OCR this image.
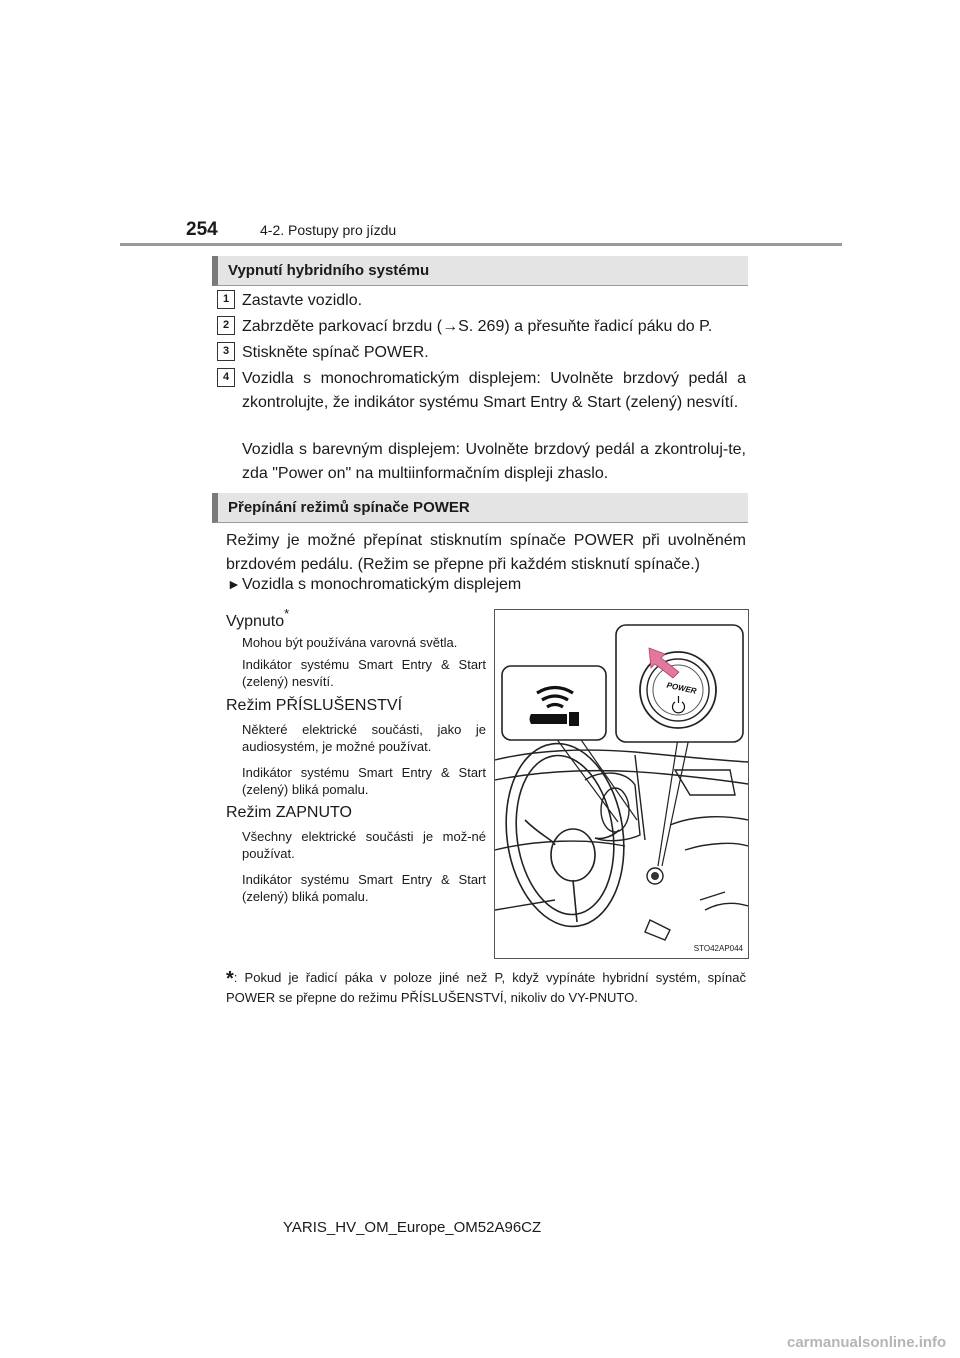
254	4-2. Postupy pro jízdu
Vypnutí hybridního systému
1 Zastavte vozidlo.
2 Zabrzděte parkovací brzdu (→S. 269) a přesuňte řadicí páku do P.
3 Stiskněte spínač POWER.
4 Vozidla s monochromatickým displejem: Uvolněte brzdový pedál a zkontrolujte, že indikátor systému Smart Entry & Start (zelený) nesvítí.
Vozidla s barevným displejem: Uvolněte brzdový pedál a zkontroluj-te, zda "Power on" na multiinformačním displeji zhaslo.
Přepínání režimů spínače POWER
Režimy je možné přepínat stisknutím spínače POWER při uvolněném brzdovém pedálu. (Režim se přepne při každém stisknutí spínače.)
► Vozidla s monochromatickým displejem
Vypnuto*
Mohou být používána varovná světla.
Indikátor systému Smart Entry & Start (zelený) nesvítí.
Režim PŘÍSLUŠENSTVÍ
Některé elektrické součásti, jako je audiosystém, je možné používat.
Indikátor systému Smart Entry & Start (zelený) bliká pomalu.
Režim ZAPNUTO
Všechny elektrické součásti je mož-né používat.
Indikátor systému Smart Entry & Start (zelený) bliká pomalu.
POWER
STO42AP044
*: Pokud je řadicí páka v poloze jiné než P, když vypínáte hybridní systém, spínač POWER se přepne do režimu PŘÍSLUŠENSTVÍ, nikoliv do VY-PNUTO.
YARIS_HV_OM_Europe_OM52A96CZ
carmanualsonline.info
